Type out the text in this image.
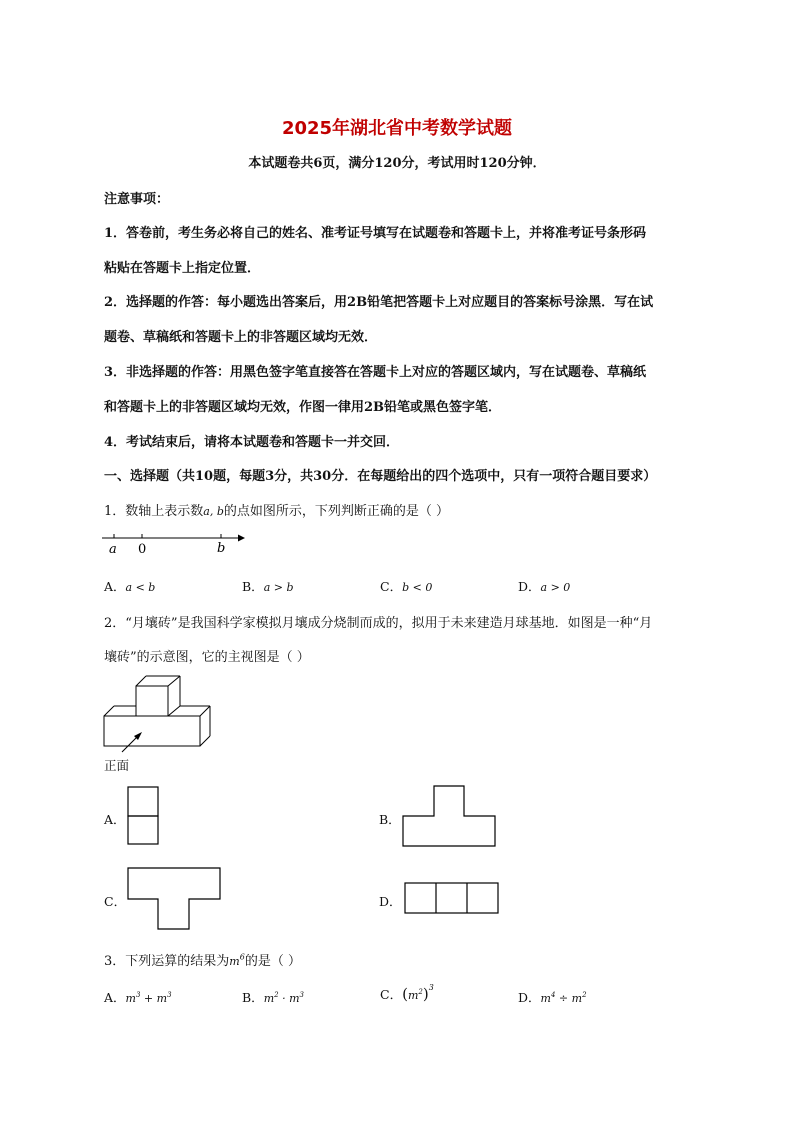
2025年湖北省中考数学试题
本试题卷共6页，满分120分，考试用时120分钟．
注意事项：
1．答卷前，考生务必将自己的姓名、准考证号填写在试题卷和答题卡上，并将准考证号条形码
粘贴在答题卡上指定位置．
2．选择题的作答：每小题选出答案后，用2B铅笔把答题卡上对应题目的答案标号涂黑．写在试
题卷、草稿纸和答题卡上的非答题区域均无效．
3．非选择题的作答：用黑色签字笔直接答在答题卡上对应的答题区域内，写在试题卷、草稿纸
和答题卡上的非答题区域均无效，作图一律用2B铅笔或黑色签字笔．
4．考试结束后，请将本试题卷和答题卡一并交回．
一、选择题（共10题，每题3分，共30分．在每题给出的四个选项中，只有一项符合题目要求）
1．数轴上表示数a, b的点如图所示，下列判断正确的是（ ）
a 0	b
A．a < b	B．a > b	C．b < 0	D．a > 0
2．“月壤砖”是我国科学家模拟月壤成分烧制而成的，拟用于未来建造月球基地．如图是一种“月
壤砖”的示意图，它的主视图是（ ）
正面
A．	B．
C．	D．
3．下列运算的结果为$m^6$的是（ ）
A．$m^3 + m^3$	B．$m^2 \cdot m^3$	C．$(m^2)^3$
D．$m^4 \div m^2$
